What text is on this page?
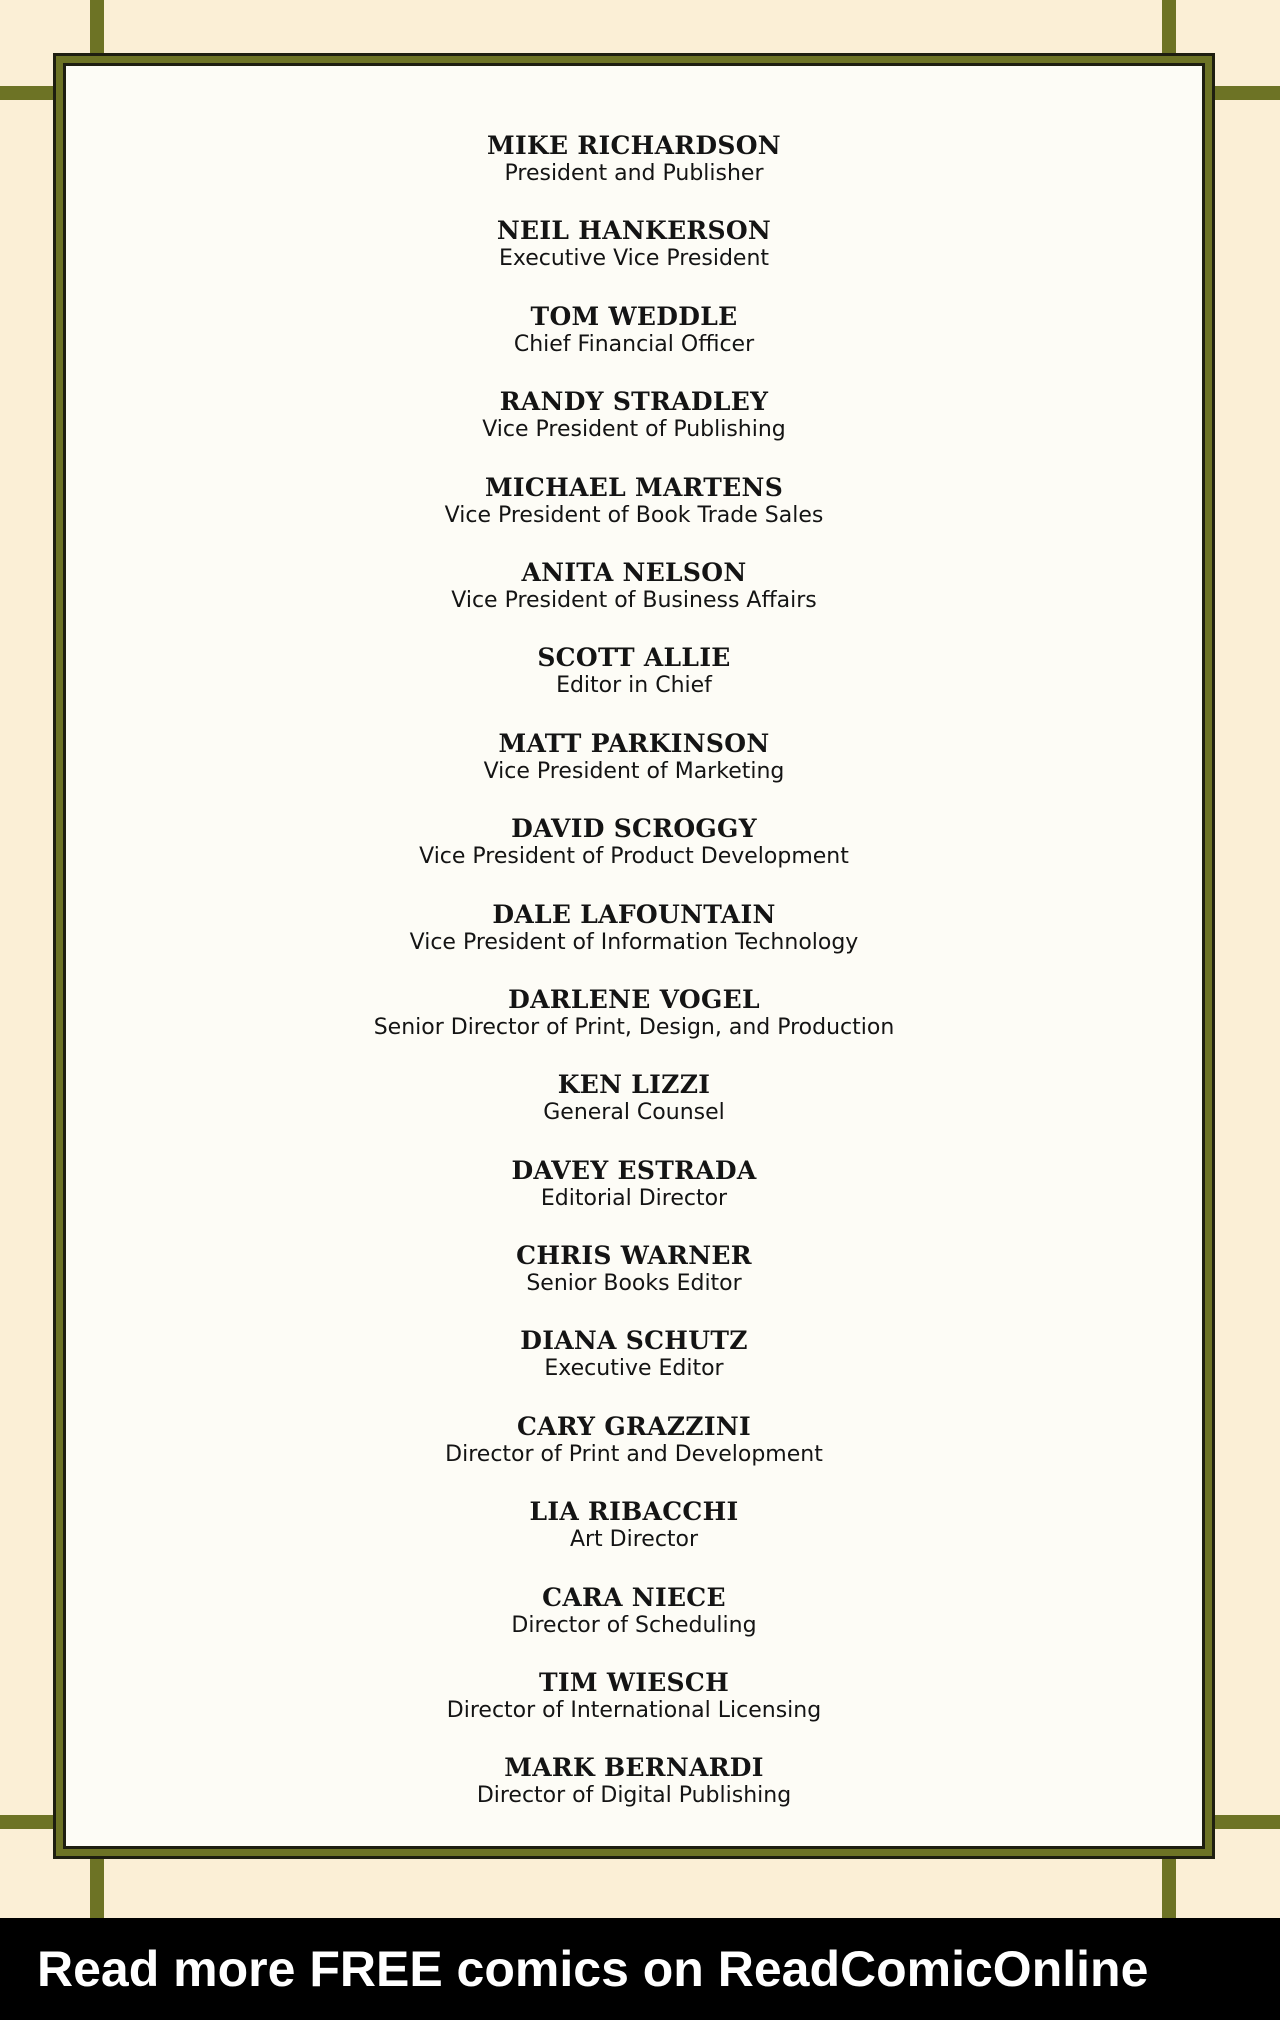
MIKE RICHARDSON
President and Publisher
NEIL HANKERSON
Executive Vice President
TOM WEDDLE
Chief Financial Officer
RANDY STRADLEY
Vice President of Publishing
MICHAEL MARTENS
Vice President of Book Trade Sales
ANITA NELSON
Vice President of Business Affairs
SCOTT ALLIE
Editor in Chief
MATT PARKINSON
Vice President of Marketing
DAVID SCROGGY
Vice President of Product Development
DALE LAFOUNTAIN
Vice President of Information Technology
DARLENE VOGEL
Senior Director of Print, Design, and Production
KEN LIZZI
General Counsel
DAVEY ESTRADA
Editorial Director
CHRIS WARNER
Senior Books Editor
DIANA SCHUTZ
Executive Editor
CARY GRAZZINI
Director of Print and Development
LIA RIBACCHI
Art Director
CARA NIECE
Director of Scheduling
TIM WIESCH
Director of International Licensing
MARK BERNARDI
Director of Digital Publishing
Read more FREE comics on ReadComicOnline
